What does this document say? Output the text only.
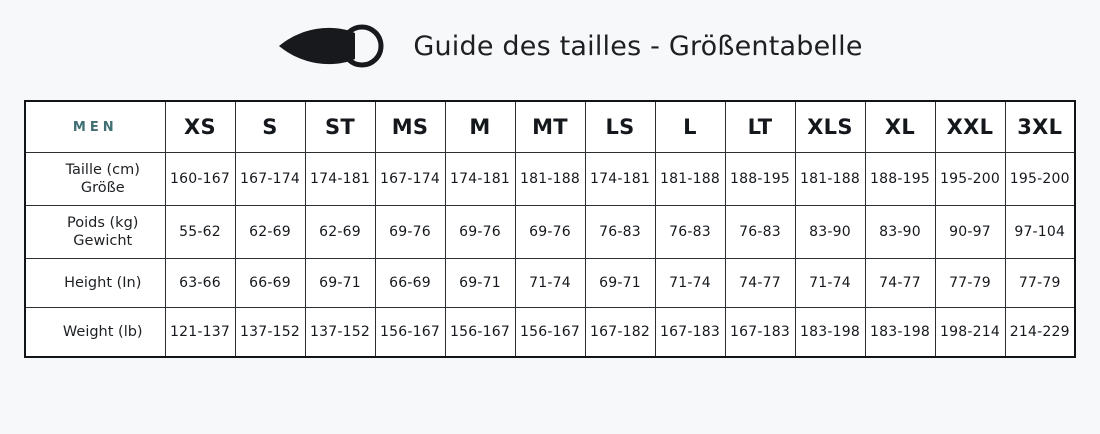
Guide des tailles - Größentabelle
MEN	XS	S	ST	MS	M	MT	LS	L	LT	XLS	XL	XXL	3XL

Taille (cm)
Größe	160-167	167-174	174-181	167-174	174-181	181-188	174-181	181-188	188-195	181-188	188-195	195-200	195-200

Poids (kg)
Gewicht	55-62	62-69	62-69	69-76	69-76	69-76	76-83	76-83	76-83	83-90	83-90	90-97	97-104

Height (In)	63-66	66-69	69-71	66-69	69-71	71-74	69-71	71-74	74-77	71-74	74-77	77-79	77-79

Weight (lb)	121-137	137-152	137-152	156-167	156-167	156-167	167-182	167-183	167-183	183-198	183-198	198-214	214-229
